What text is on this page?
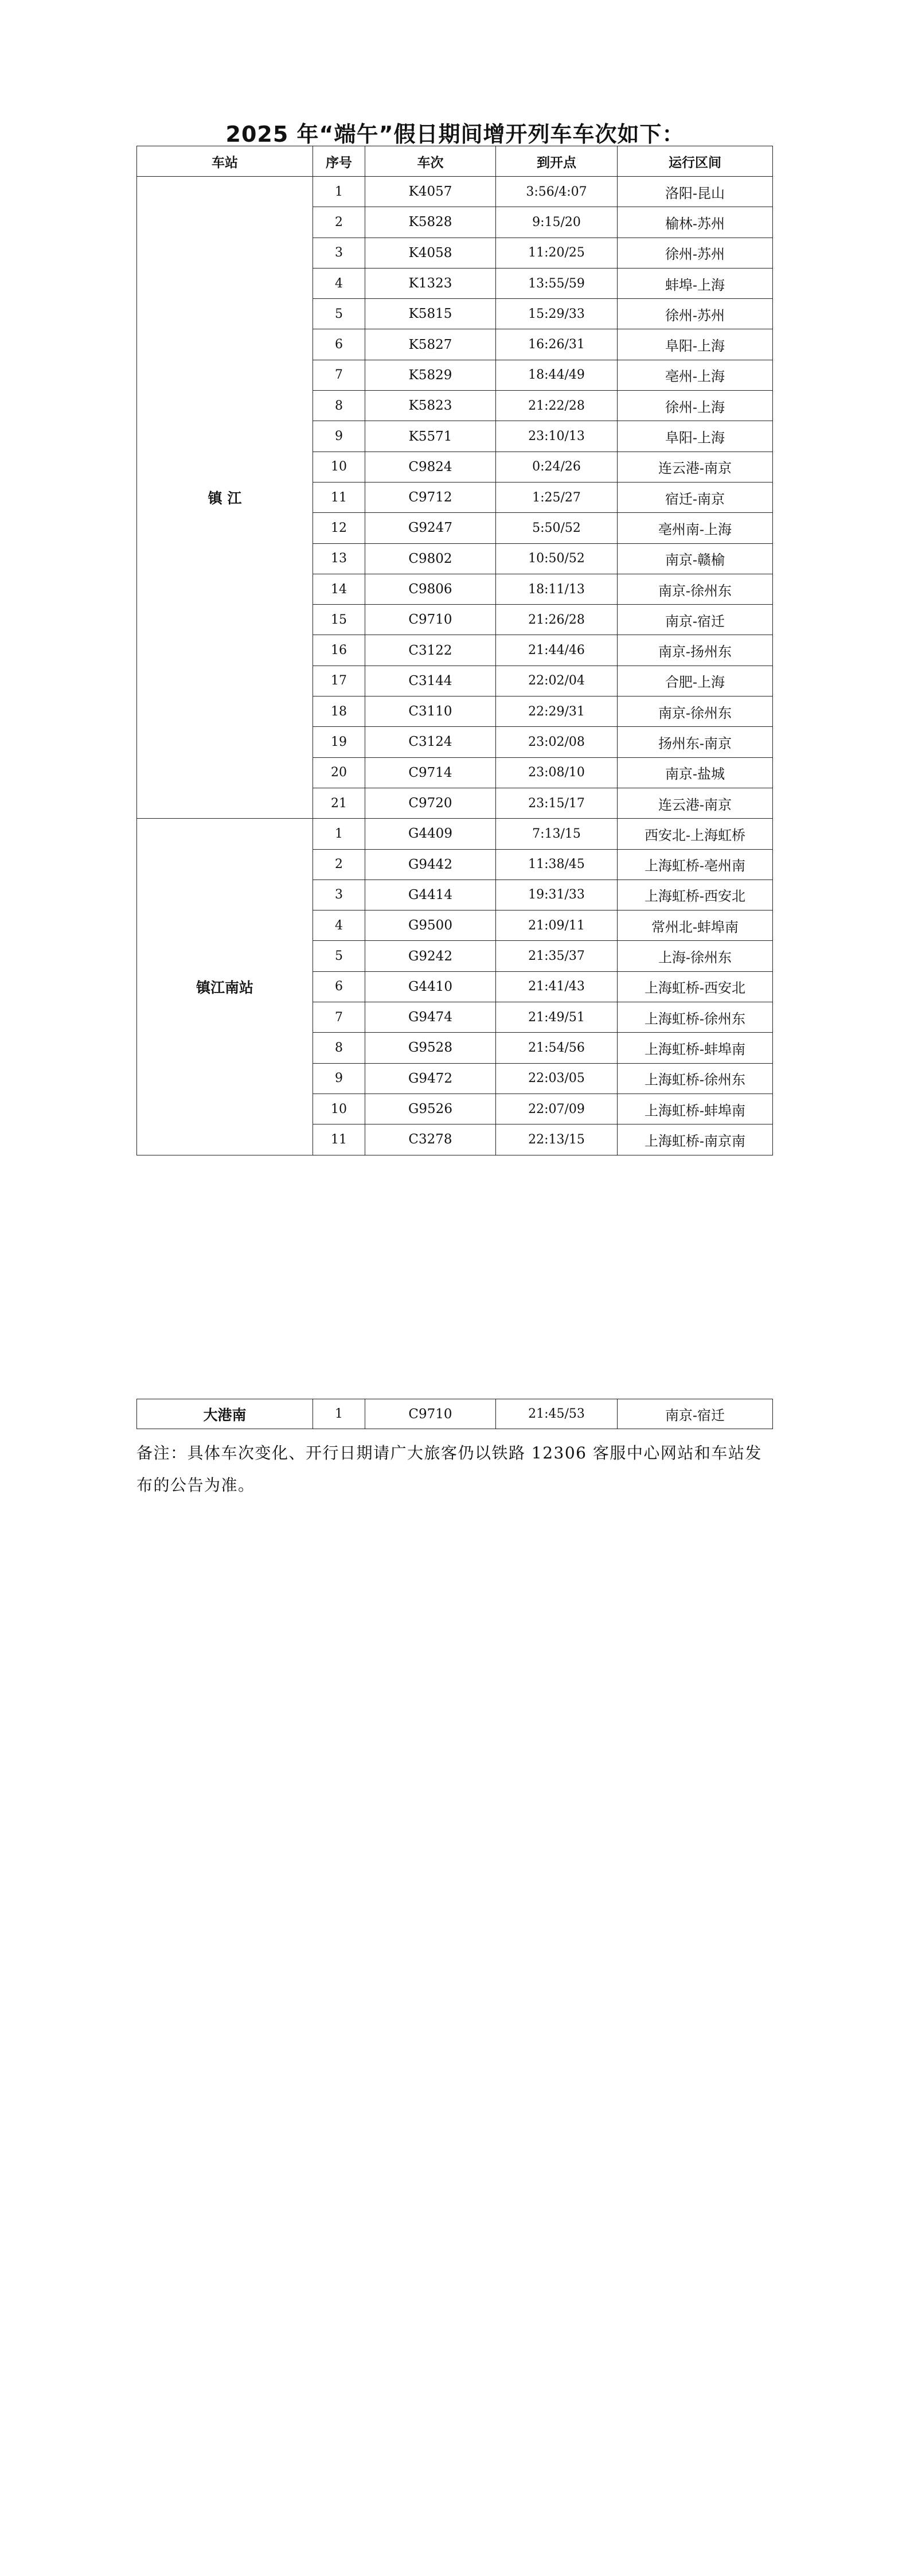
2025 年“端午”假日期间增开列车车次如下：
车站	序号	车次	到开点	运行区间
镇 江	1	K4057	3:56/4:07	洛阳-昆山
	2	K5828	9:15/20	榆林-苏州
	3	K4058	11:20/25	徐州-苏州
	4	K1323	13:55/59	蚌埠-上海
	5	K5815	15:29/33	徐州-苏州
	6	K5827	16:26/31	阜阳-上海
	7	K5829	18:44/49	亳州-上海
	8	K5823	21:22/28	徐州-上海
	9	K5571	23:10/13	阜阳-上海
	10	C9824	0:24/26	连云港-南京
	11	C9712	1:25/27	宿迁-南京
	12	G9247	5:50/52	亳州南-上海
	13	C9802	10:50/52	南京-赣榆
	14	C9806	18:11/13	南京-徐州东
	15	C9710	21:26/28	南京-宿迁
	16	C3122	21:44/46	南京-扬州东
	17	C3144	22:02/04	合肥-上海
	18	C3110	22:29/31	南京-徐州东
	19	C3124	23:02/08	扬州东-南京
	20	C9714	23:08/10	南京-盐城
	21	C9720	23:15/17	连云港-南京
镇江南站	1	G4409	7:13/15	西安北-上海虹桥
	2	G9442	11:38/45	上海虹桥-亳州南
	3	G4414	19:31/33	上海虹桥-西安北
	4	G9500	21:09/11	常州北-蚌埠南
	5	G9242	21:35/37	上海-徐州东
	6	G4410	21:41/43	上海虹桥-西安北
	7	G9474	21:49/51	上海虹桥-徐州东
	8	G9528	21:54/56	上海虹桥-蚌埠南
	9	G9472	22:03/05	上海虹桥-徐州东
	10	G9526	22:07/09	上海虹桥-蚌埠南
	11	C3278	22:13/15	上海虹桥-南京南
大港南	1	C9710	21:45/53	南京-宿迁
备注：具体车次变化、开行日期请广大旅客仍以铁路 12306 客服中心网站和车站发布的公告为准。
